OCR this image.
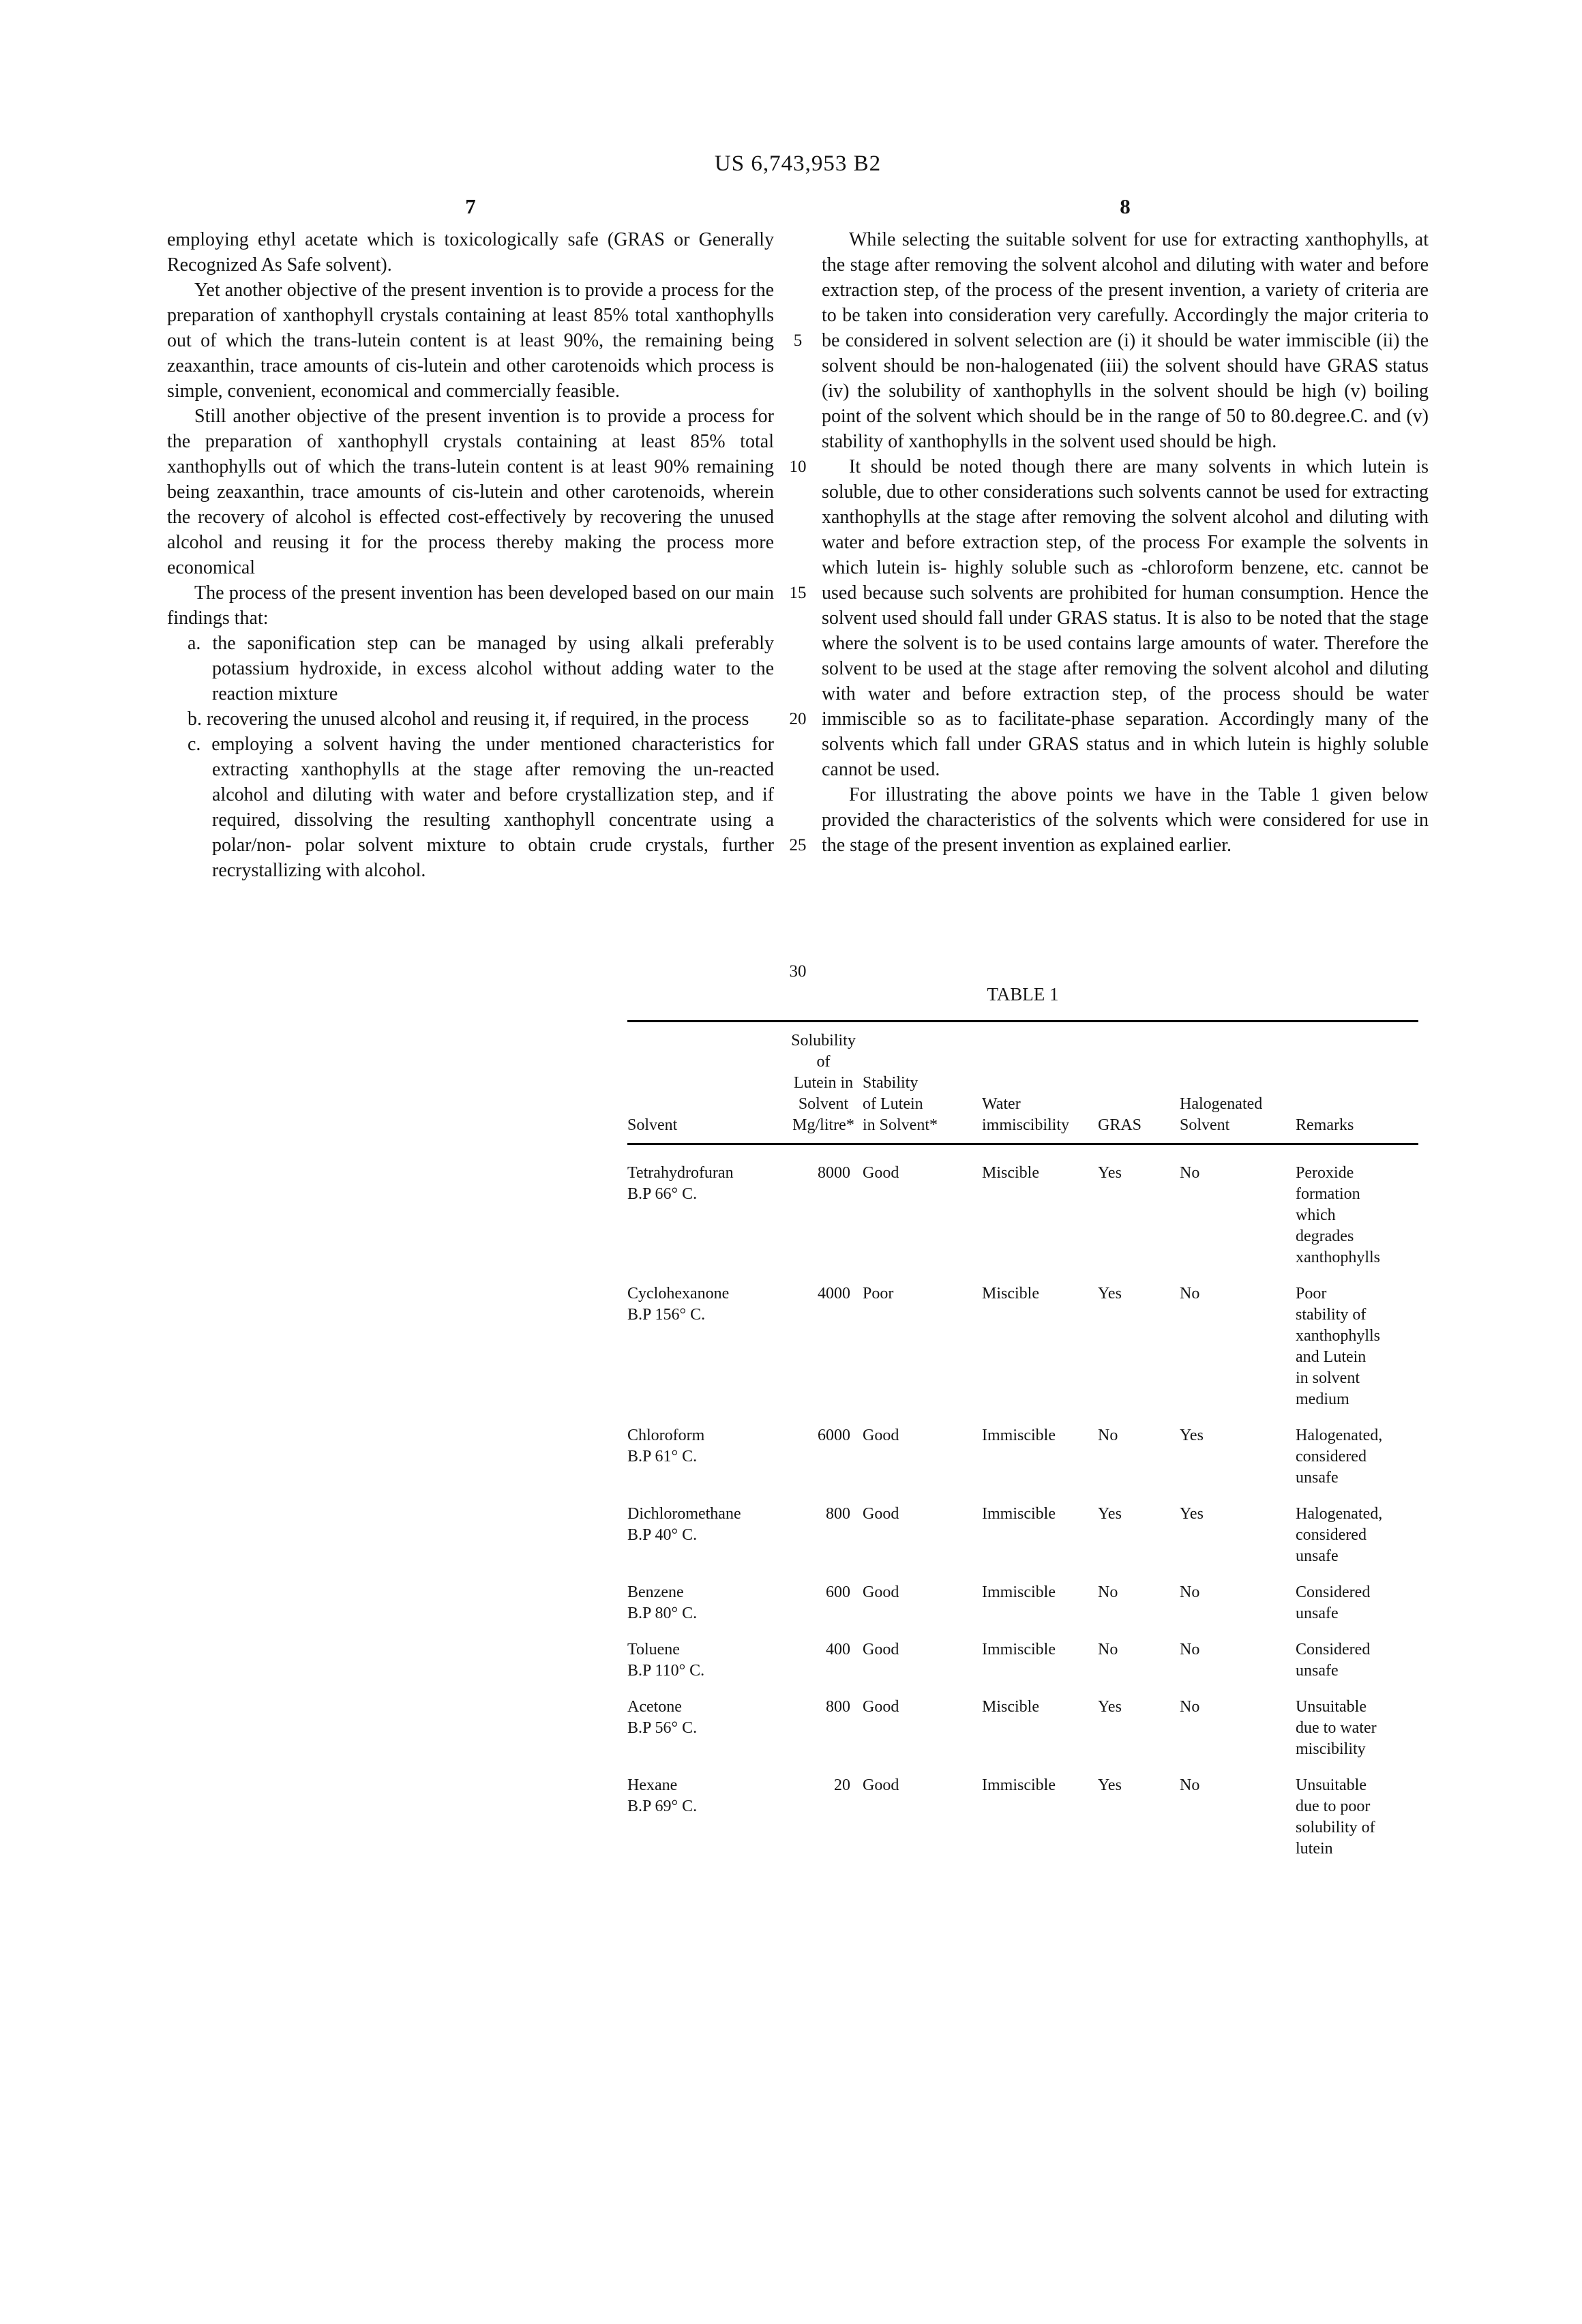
US 6,743,953 B2
7	8

employing ethyl acetate which is toxicologically safe (GRAS or Generally Recognized As Safe solvent).

Yet another objective of the present invention is to provide a process for the preparation of xanthophyll crystals containing at least 85% total xanthophylls out of which the trans-lutein content is at least 90%, the remaining being zeaxanthin, trace amounts of cis-lutein and other carotenoids which process is simple, convenient, economical and commercially feasible.

Still another objective of the present invention is to provide a process for the preparation of xanthophyll crystals containing at least 85% total xanthophylls out of which the trans-lutein content is at least 90% remaining being zeaxanthin, trace amounts of cis-lutein and other carotenoids, wherein the recovery of alcohol is effected cost-effectively by recovering the unused alcohol and reusing it for the process thereby making the process more economical

The process of the present invention has been developed based on our main findings that:

a. the saponification step can be managed by using alkali preferably potassium hydroxide, in excess alcohol without adding water to the reaction mixture
b. recovering the unused alcohol and reusing it, if required, in the process
c. employing a solvent having the under mentioned characteristics for extracting xanthophylls at the stage after removing the un-reacted alcohol and diluting with water and before crystallization step, and if required, dissolving the resulting xanthophyll concentrate using a polar/non- polar solvent mixture to obtain crude crystals, further recrystallizing with alcohol.
5
10
15
20
25
30

While selecting the suitable solvent for use for extracting xanthophylls, at the stage after removing the solvent alcohol and diluting with water and before extraction step, of the process of the present invention, a variety of criteria are to be taken into consideration very carefully. Accordingly the major criteria to be considered in solvent selection are (i) it should be water immiscible (ii) the solvent should be non-halogenated (iii) the solvent should have GRAS status (iv) the solubility of xanthophylls in the solvent should be high (v) boiling point of the solvent which should be in the range of 50 to 80.degree.C. and (v) stability of xanthophylls in the solvent used should be high.

It should be noted though there are many solvents in which lutein is soluble, due to other considerations such solvents cannot be used for extracting xanthophylls at the stage after removing the solvent alcohol and diluting with water and before extraction step, of the process For example the solvents in which lutein is- highly soluble such as -chloroform benzene, etc. cannot be used because such solvents are prohibited for human consumption. Hence the solvent used should fall under GRAS status. It is also to be noted that the stage where the solvent is to be used contains large amounts of water. Therefore the solvent to be used at the stage after removing the solvent alcohol and diluting with water and before extraction step, of the process should be water immiscible so as to facilitate-phase separation. Accordingly many of the solvents which fall under GRAS status and in which lutein is highly soluble cannot be used.

For illustrating the above points we have in the Table 1 given below provided the characteristics of the solvents which were considered for use in the stage of the present invention as explained earlier.

TABLE 1
Solvent	Solubility
of
Lutein in
Solvent
Mg/litre*	Stability
of Lutein
in Solvent*	Water
immiscibility	GRAS	Halogenated
Solvent	Remarks
Tetrahydrofuran
B.P 66° C.	8000	Good	Miscible	Yes	No	Peroxide
formation
which
degrades
xanthophylls
Cyclohexanone
B.P 156° C.	4000	Poor	Miscible	Yes	No	Poor
stability of
xanthophylls
and Lutein
in solvent
medium
Chloroform
B.P 61° C.	6000	Good	Immiscible	No	Yes	Halogenated,
considered
unsafe
Dichloromethane
B.P 40° C.	800	Good	Immiscible	Yes	Yes	Halogenated,
considered
unsafe
Benzene
B.P 80° C.	600	Good	Immiscible	No	No	Considered
unsafe
Toluene
B.P 110° C.	400	Good	Immiscible	No	No	Considered
unsafe
Acetone
B.P 56° C.	800	Good	Miscible	Yes	No	Unsuitable
due to water
miscibility
Hexane
B.P 69° C.	20	Good	Immiscible	Yes	No	Unsuitable
due to poor
solubility of
lutein
